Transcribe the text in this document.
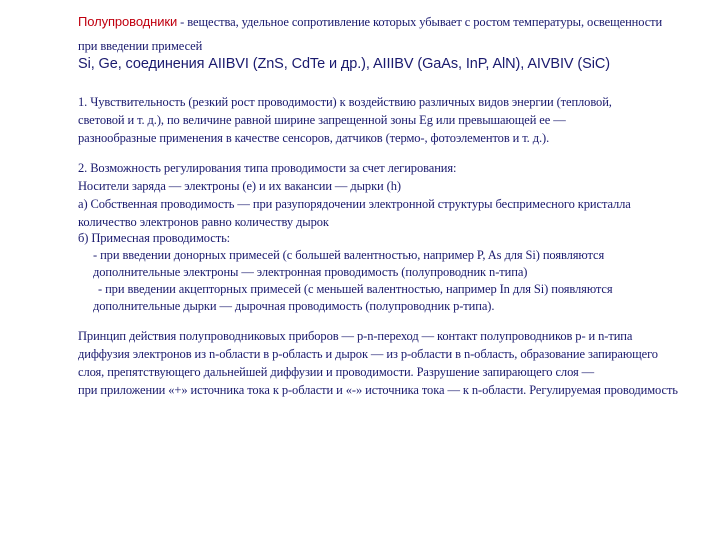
Полупроводники - вещества, удельное сопротивление которых убывает с ростом температуры, освещенности
при введении примесей
Si, Ge, соединения AIIBVI (ZnS, CdTe и др.), AIIIBV (GaAs, InP, AlN), AIVBIV (SiC)
1. Чувствительность (резкий рост проводимости) к воздействию различных видов энергии (тепловой,
световой и т. д.), по величине равной ширине запрещенной зоны Eg или превышающей ее —
разнообразные применения в качестве сенсоров, датчиков (термо-, фотоэлементов и т. д.).
2. Возможность регулирования типа проводимости за счет легирования:
Носители заряда — электроны (e) и их вакансии — дырки (h)
а) Собственная проводимость — при разупорядочении электронной структуры беспримесного кристалла
количество электронов равно количеству дырок
б) Примесная проводимость:
- при введении донорных примесей (с большей валентностью, например P, As для Si) появляются
дополнительные электроны — электронная проводимость (полупроводник n-типа)
- при введении акцепторных примесей (с меньшей валентностью, например In для Si) появляются
дополнительные дырки — дырочная проводимость (полупроводник p-типа).
Принцип действия полупроводниковых приборов — p-n-переход — контакт полупроводников p- и n-типа
диффузия электронов из n-области в p-область и дырок — из p-области в n-область, образование запирающего
слоя, препятствующего дальнейшей диффузии и проводимости. Разрушение запирающего слоя —
при приложении «+» источника тока к p-области и «-» источника тока — к n-области. Регулируемая проводимость
